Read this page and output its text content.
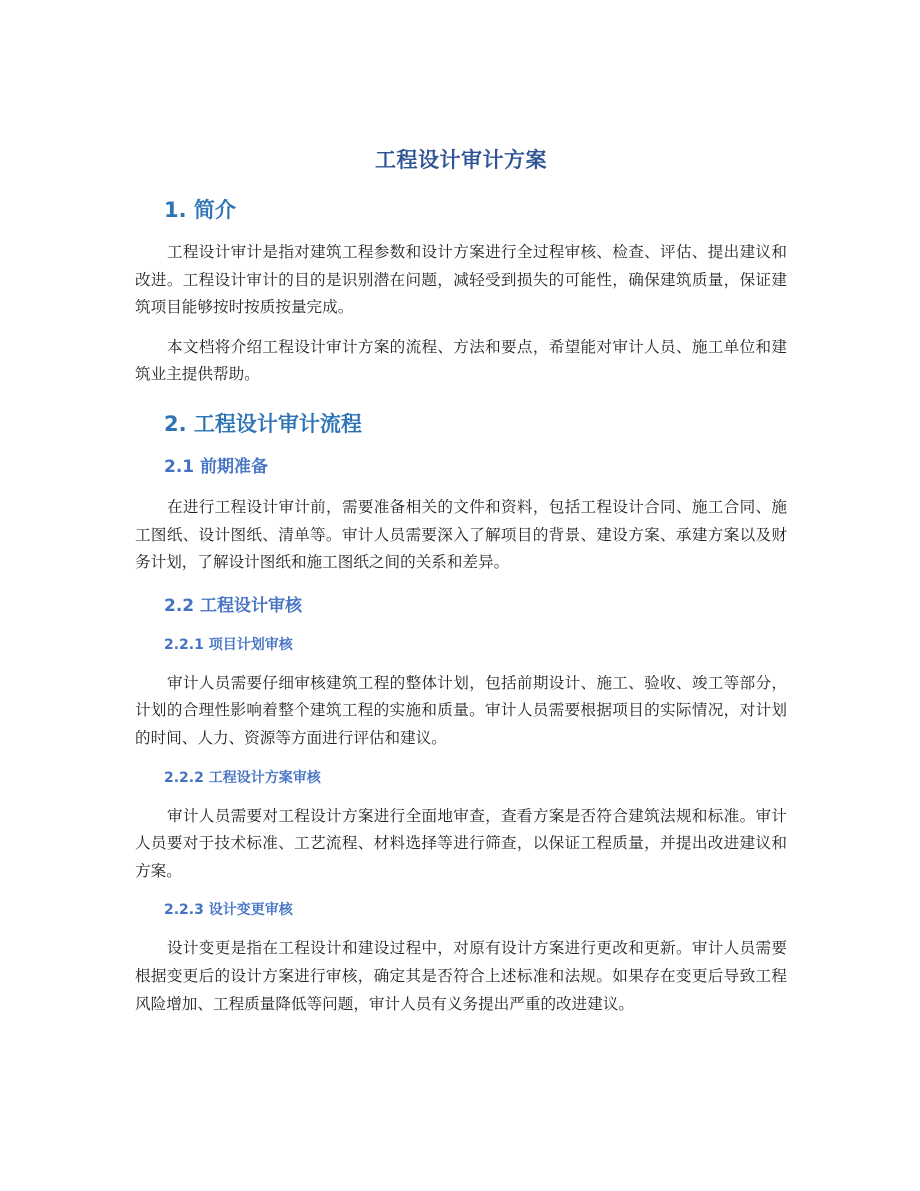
工程设计审计方案
1. 简介

工程设计审计是指对建筑工程参数和设计方案进行全过程审核、检查、评估、提出建议和改进。工程设计审计的目的是识别潜在问题，减轻受到损失的可能性，确保建筑质量，保证建筑项目能够按时按质按量完成。

本文档将介绍工程设计审计方案的流程、方法和要点，希望能对审计人员、施工单位和建筑业主提供帮助。

2. 工程设计审计流程
2.1 前期准备

在进行工程设计审计前，需要准备相关的文件和资料，包括工程设计合同、施工合同、施工图纸、设计图纸、清单等。审计人员需要深入了解项目的背景、建设方案、承建方案以及财务计划，了解设计图纸和施工图纸之间的关系和差异。

2.2 工程设计审核
2.2.1 项目计划审核

审计人员需要仔细审核建筑工程的整体计划，包括前期设计、施工、验收、竣工等部分，计划的合理性影响着整个建筑工程的实施和质量。审计人员需要根据项目的实际情况，对计划的时间、人力、资源等方面进行评估和建议。

2.2.2 工程设计方案审核

审计人员需要对工程设计方案进行全面地审查，查看方案是否符合建筑法规和标准。审计人员要对于技术标准、工艺流程、材料选择等进行筛查，以保证工程质量，并提出改进建议和方案。

2.2.3 设计变更审核

设计变更是指在工程设计和建设过程中，对原有设计方案进行更改和更新。审计人员需要根据变更后的设计方案进行审核，确定其是否符合上述标准和法规。如果存在变更后导致工程风险增加、工程质量降低等问题，审计人员有义务提出严重的改进建议。
